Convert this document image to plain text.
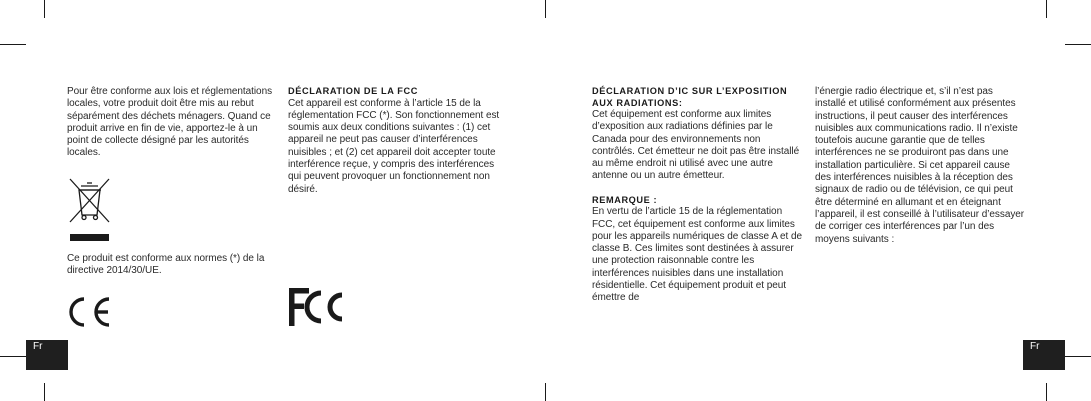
Pour être conforme aux lois et réglementations locales, votre produit doit être mis au rebut séparément des déchets ménagers. Quand ce produit arrive en fin de vie, apportez-le à un point de collecte désigné par les autorités locales.

Ce produit est conforme aux normes (*) de la directive 2014/30/UE.

DÉCLARATION DE LA FCC

Cet appareil est conforme à l’article 15 de la réglementation FCC (*). Son fonctionnement est soumis aux deux conditions suivantes : (1) cet appareil ne peut pas causer d’interférences nuisibles ; et (2) cet appareil doit accepter toute interférence reçue, y compris des interférences qui peuvent provoquer un fonctionnement non désiré.

Fr

DÉCLARATION D’IC SUR L’EXPOSITION AUX RADIATIONS:

Cet équipement est conforme aux limites d’exposition aux radiations définies par le Canada pour des environnements non contrôlés. Cet émetteur ne doit pas être installé au même endroit ni utilisé avec une autre antenne ou un autre émetteur.

REMARQUE :

En vertu de l’article 15 de la réglementation FCC, cet équipement est conforme aux limites pour les appareils numériques de classe A et de classe B. Ces limites sont destinées à assurer une protection raisonnable contre les interférences nuisibles dans une installation résidentielle. Cet équipement produit et peut émettre de

l’énergie radio électrique et, s’il n’est pas installé et utilisé conformément aux présentes instructions, il peut causer des interférences nuisibles aux communications radio. Il n’existe toutefois aucune garantie que de telles interférences ne se produiront pas dans une installation particulière. Si cet appareil cause des interférences nuisibles à la réception des signaux de radio ou de télévision, ce qui peut être déterminé en allumant et en éteignant l’appareil, il est conseillé à l’utilisateur d’essayer de corriger ces interférences par l’un des moyens suivants :

Fr
